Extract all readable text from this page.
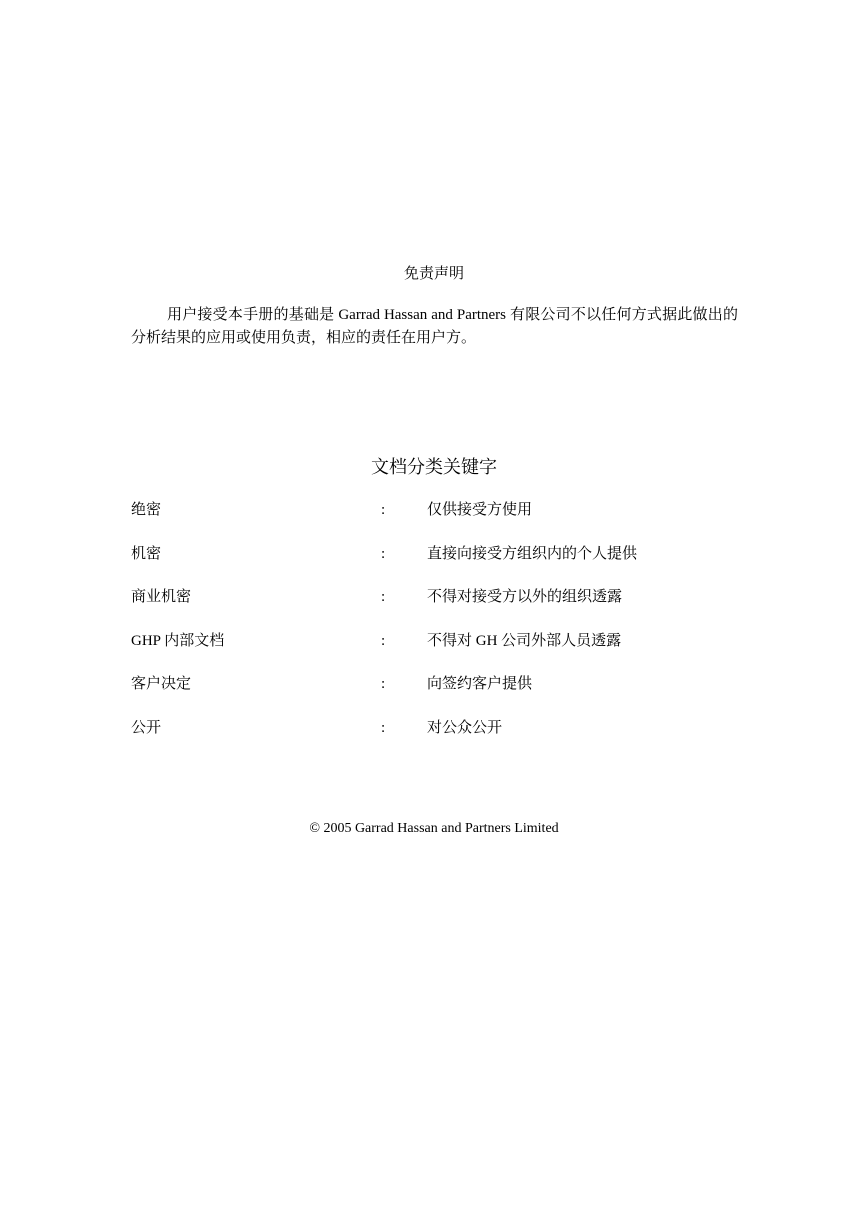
免责声明

用户接受本手册的基础是 Garrad Hassan and Partners 有限公司不以任何方式据此做出的分析结果的应用或使用负责，相应的责任在用户方。

文档分类关键字
绝密	:	仅供接受方使用
机密	:	直接向接受方组织内的个人提供
商业机密	:	不得对接受方以外的组织透露
GHP 内部文档	:	不得对 GH 公司外部人员透露
客户决定	:	向签约客户提供
公开	:	对公众公开

© 2005 Garrad Hassan and Partners Limited
